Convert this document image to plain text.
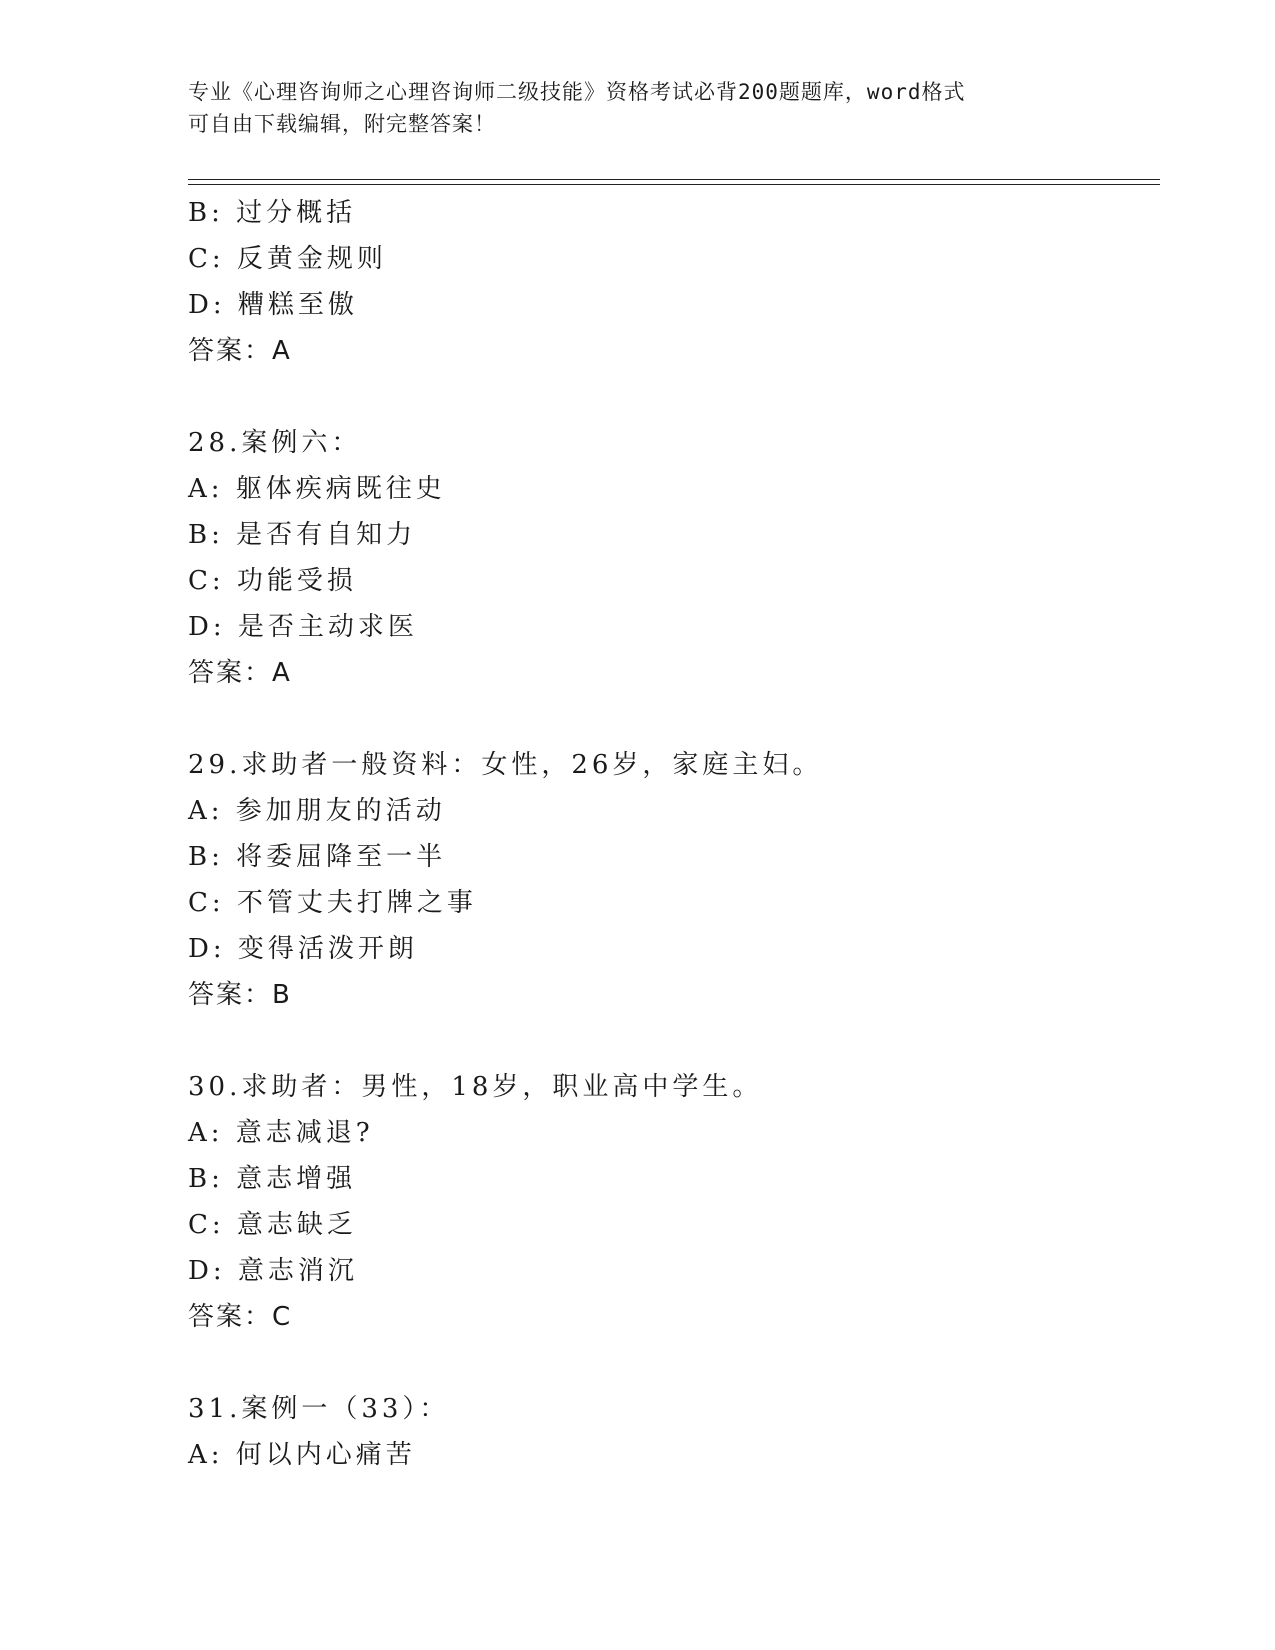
专业《心理咨询师之心理咨询师二级技能》资格考试必背200题题库，word格式
可自由下载编辑，附完整答案！
B: 过分概括
C: 反黄金规则
D: 糟糕至傲
答案：A
28.案例六：
A: 躯体疾病既往史
B: 是否有自知力
C: 功能受损
D: 是否主动求医
答案：A
29.求助者一般资料：女性，26岁，家庭主妇。
A: 参加朋友的活动
B: 将委屈降至一半
C: 不管丈夫打牌之事
D: 变得活泼开朗
答案：B
30.求助者：男性，18岁，职业高中学生。
A: 意志减退?
B: 意志增强
C: 意志缺乏
D: 意志消沉
答案：C
31.案例一（33）：
A: 何以内心痛苦
